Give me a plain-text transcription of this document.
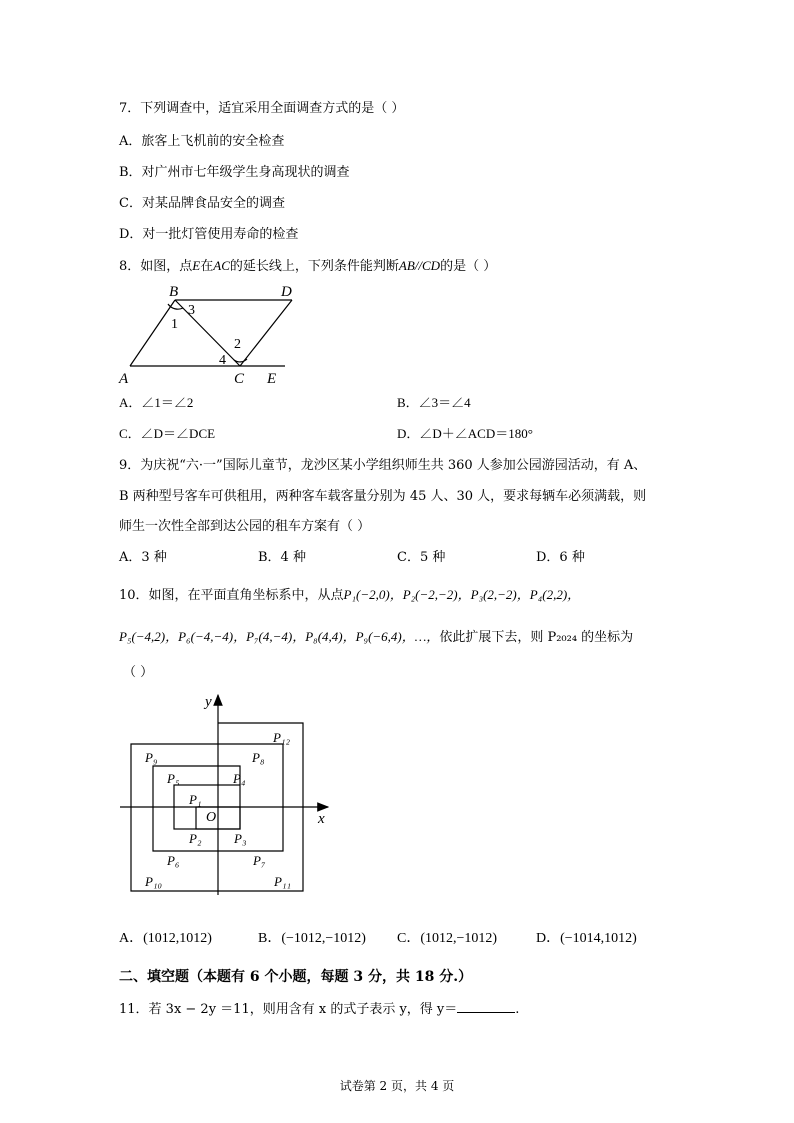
7．下列调查中，适宜采用全面调查方式的是（ ）
A．旅客上飞机前的安全检查
B．对广州市七年级学生身高现状的调查
C．对某品牌食品安全的调查
D．对一批灯管使用寿命的检查
8．如图，点E在AC的延长线上，下列条件能判断AB//CD的是（ ）
B	D
A	C E
1
2
3
4
A．∠1＝∠2	B．∠3＝∠4
C．∠D＝∠DCE	D．∠D＋∠ACD＝180°
9．为庆祝“六·一”国际儿童节，龙沙区某小学组织师生共 360 人参加公园游园活动，有 A、
B 两种型号客车可供租用，两种客车载客量分别为 45 人、30 人，要求每辆车必须满载，则
师生一次性全部到达公园的租车方案有（ ）
A．3 种	B．4 种	C．5 种	D．6 种
10．如图，在平面直角坐标系中，从点P₁(−2,0)，P₂(−2,−2)，P₃(2,−2)，P₄(2,2)，
P₅(−4,2)，P₆(−4,−4)，P₇(4,−4)，P₈(4,4)，P₉(−6,4)，…，依此扩展下去，则 P₂₀₂₄ 的坐标为
（ ）
y
x
O
P₁
P₂	P₃
P₄
P₅
P₆	P₇
P₈
P₉
P₁₀	P₁₁
P₁₂
A．(1012,1012)	B．(−1012,−1012) C．(1012,−1012)	D．(−1014,1012)
二、填空题（本题有 6 个小题，每题 3 分，共 18 分.）
11．若 3x − 2y ＝11，则用含有 x 的式子表示 y，得 y＝	.
试卷第 2 页，共 4 页
